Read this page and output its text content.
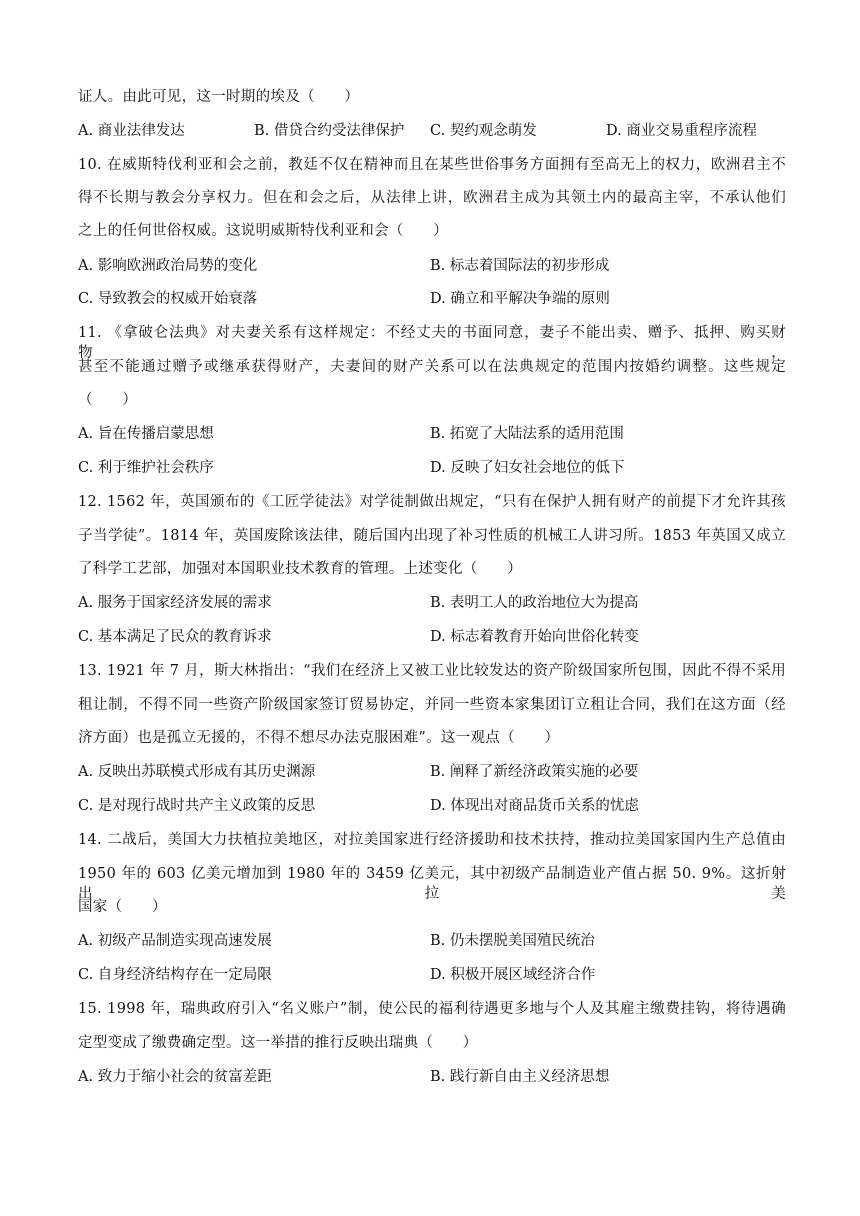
证人。由此可见，这一时期的埃及（　　）
A. 商业法律发达	B. 借贷合约受法律保护 C. 契约观念萌发	D. 商业交易重程序流程
10. 在威斯特伐利亚和会之前，教廷不仅在精神而且在某些世俗事务方面拥有至高无上的权力，欧洲君主不
得不长期与教会分享权力。但在和会之后，从法律上讲，欧洲君主成为其领土内的最高主宰，不承认他们
之上的任何世俗权威。这说明威斯特伐利亚和会（　　）
A. 影响欧洲政治局势的变化	B. 标志着国际法的初步形成
C. 导致教会的权威开始衰落	D. 确立和平解决争端的原则
11. 《拿破仑法典》对夫妻关系有这样规定：不经丈夫的书面同意，妻子不能出卖、赠予、抵押、购买财物，
甚至不能通过赠予或继承获得财产，夫妻间的财产关系可以在法典规定的范围内按婚约调整。这些规定
（　　）
A. 旨在传播启蒙思想	B. 拓宽了大陆法系的适用范围
C. 利于维护社会秩序	D. 反映了妇女社会地位的低下
12. 1562 年，英国颁布的《工匠学徒法》对学徒制做出规定，“只有在保护人拥有财产的前提下才允许其孩
子当学徒”。1814 年，英国废除该法律，随后国内出现了补习性质的机械工人讲习所。1853 年英国又成立
了科学工艺部，加强对本国职业技术教育的管理。上述变化（　　）
A. 服务于国家经济发展的需求	B. 表明工人的政治地位大为提高
C. 基本满足了民众的教育诉求	D. 标志着教育开始向世俗化转变
13. 1921 年 7 月，斯大林指出：“我们在经济上又被工业比较发达的资产阶级国家所包围，因此不得不采用
租让制，不得不同一些资产阶级国家签订贸易协定，并同一些资本家集团订立租让合同，我们在这方面（经
济方面）也是孤立无援的，不得不想尽办法克服困难”。这一观点（　　）
A. 反映出苏联模式形成有其历史渊源	B. 阐释了新经济政策实施的必要
C. 是对现行战时共产主义政策的反思	D. 体现出对商品货币关系的忧虑
14. 二战后，美国大力扶植拉美地区，对拉美国家进行经济援助和技术扶持，推动拉美国家国内生产总值由
1950 年的 603 亿美元增加到 1980 年的 3459 亿美元，其中初级产品制造业产值占据 50. 9%。这折射出拉美
国家（　　）
A. 初级产品制造实现高速发展	B. 仍未摆脱美国殖民统治
C. 自身经济结构存在一定局限	D. 积极开展区域经济合作
15. 1998 年，瑞典政府引入“名义账户”制，使公民的福利待遇更多地与个人及其雇主缴费挂钩，将待遇确
定型变成了缴费确定型。这一举措的推行反映出瑞典（　　）
A. 致力于缩小社会的贫富差距	B. 践行新自由主义经济思想
